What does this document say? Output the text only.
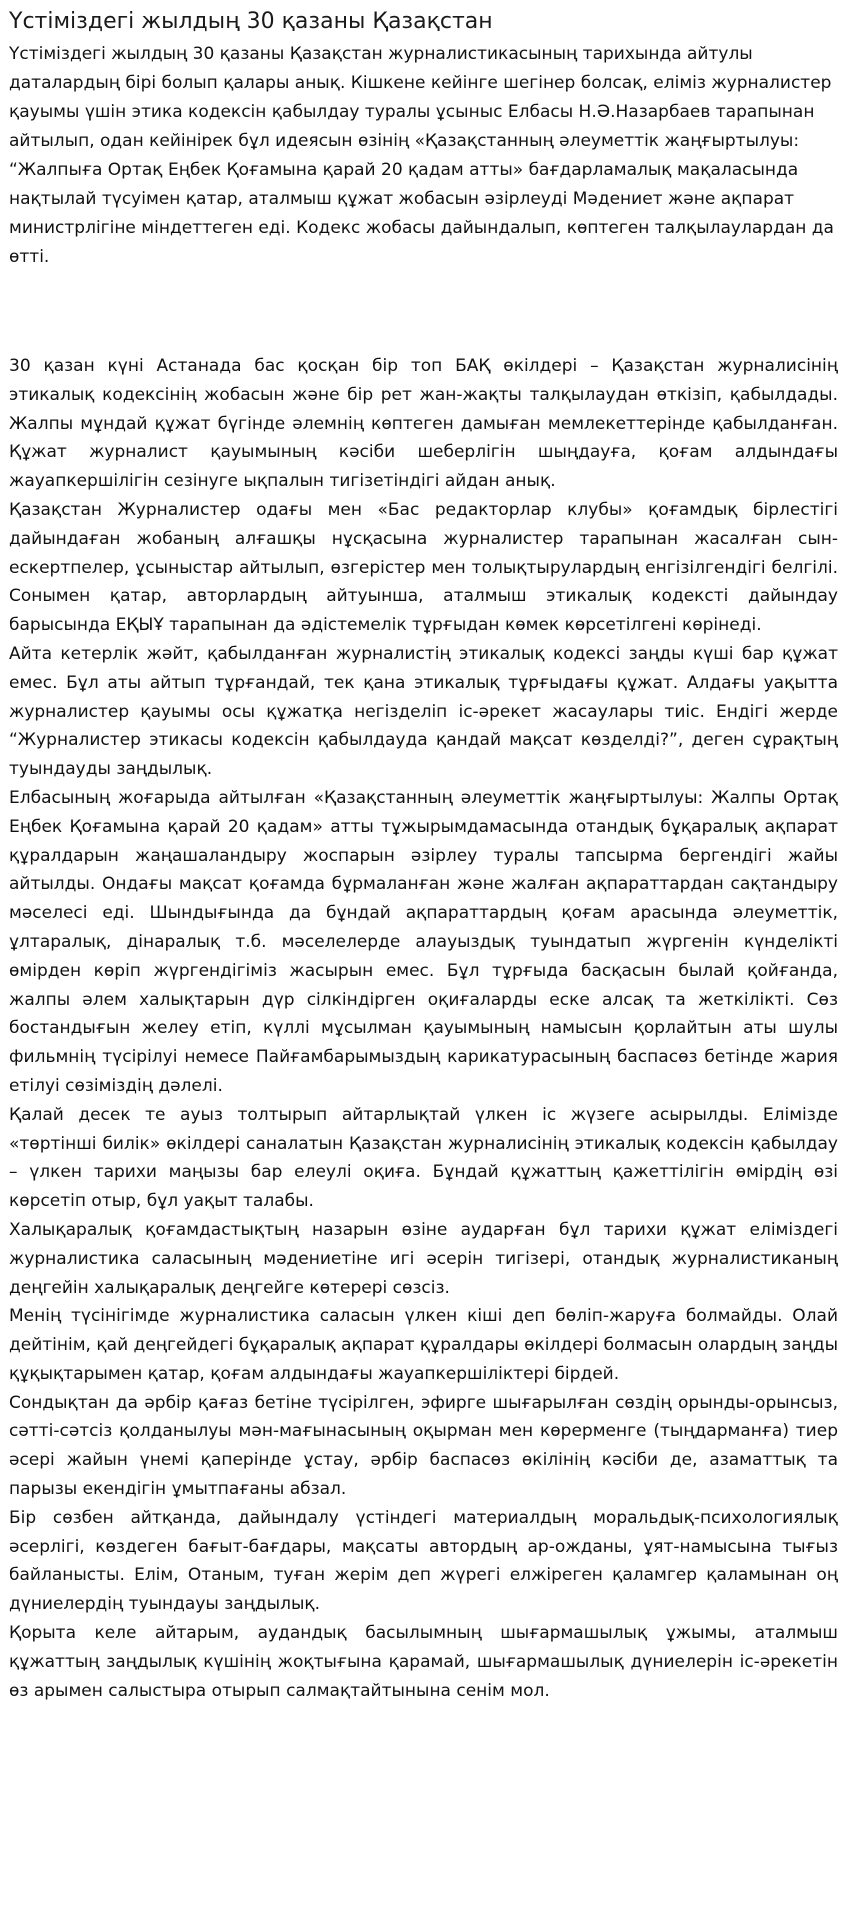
Үстіміздегі жылдың 30 қазаны Қазақстан

Үстіміздегі жылдың 30 қазаны Қазақстан журналистикасының тарихында айтулы даталардың бірі болып қалары анық. Кішкене кейінге шегінер болсақ, еліміз журналистер қауымы үшін этика кодексін қабылдау туралы ұсыныс Елбасы Н.Ә.Назарбаев тарапынан айтылып, одан кейінірек бұл идеясын өзінің «Қазақстанның әлеуметтік жаңғыртылуы: “Жалпыға Ортақ Еңбек Қоғамына қарай 20 қадам атты» бағдарламалық мақаласында нақтылай түсуімен қатар, аталмыш құжат жобасын әзірлеуді Мәдениет және ақпарат министрлігіне міндеттеген еді. Кодекс жобасы дайындалып, көптеген талқылаулардан да өтті.

30 қазан күні Астанада бас қосқан бір топ БАҚ өкілдері – Қазақстан журналисінің этикалық кодексінің жобасын және бір рет жан-жақты талқылаудан өткізіп, қабылдады. Жалпы мұндай құжат бүгінде әлемнің көптеген дамыған мемлекеттерінде қабылданған. Құжат журналист қауымының кәсіби шеберлігін шыңдауға, қоғам алдындағы жауапкершілігін сезінуге ықпалын тигізетіндігі айдан анық.

Қазақстан Журналистер одағы мен «Бас редакторлар клубы» қоғамдық бірлестігі дайындаған жобаның алғашқы нұсқасына журналистер тарапынан жасалған сын-ескертпелер, ұсыныстар айтылып, өзгерістер мен толықтырулардың енгізілгендігі белгілі. Сонымен қатар, авторлардың айтуынша, аталмыш этикалық кодексті дайындау барысында ЕҚЫҰ тарапынан да әдістемелік тұрғыдан көмек көрсетілгені көрінеді.

Айта кетерлік жәйт, қабылданған журналистің этикалық кодексі заңды күші бар құжат емес. Бұл аты айтып тұрғандай, тек қана этикалық тұрғыдағы құжат. Алдағы уақытта журналистер қауымы осы құжатқа негізделіп іс-әрекет жасаулары тиіс. Ендігі жерде “Журналистер этикасы кодексін қабылдауда қандай мақсат көзделді?”, деген сұрақтың туындауды заңдылық.

Елбасының жоғарыда айтылған «Қазақстанның әлеуметтік жаңғыртылуы: Жалпы Ортақ Еңбек Қоғамына қарай 20 қадам» атты тұжырымдамасында отандық бұқаралық ақпарат құралдарын жаңашаландыру жоспарын әзірлеу туралы тапсырма бергендігі жайы айтылды. Ондағы мақсат қоғамда бұрмаланған және жалған ақпараттардан сақтандыру мәселесі еді. Шындығында да бұндай ақпараттардың қоғам арасында әлеуметтік, ұлтаралық, дінаралық т.б. мәселелерде алауыздық туындатып жүргенін күнделікті өмірден көріп жүргендігіміз жасырын емес. Бұл тұрғыда басқасын былай қойғанда, жалпы әлем халықтарын дүр сілкіндірген оқиғаларды еске алсақ та жеткілікті. Сөз бостандығын желеу етіп, күллі мұсылман қауымының намысын қорлайтын аты шулы фильмнің түсірілуі немесе Пайғамбарымыздың карикатурасының баспасөз бетінде жария етілуі сөзіміздің дәлелі.

Қалай десек те ауыз толтырып айтарлықтай үлкен іс жүзеге асырылды. Елімізде «төртінші билік» өкілдері саналатын Қазақстан журналисінің этикалық кодексін қабылдау – үлкен тарихи маңызы бар елеулі оқиға. Бұндай құжаттың қажеттілігін өмірдің өзі көрсетіп отыр, бұл уақыт талабы.

Халықаралық қоғамдастықтың назарын өзіне аударған бұл тарихи құжат еліміздегі журналистика саласының мәдениетіне игі әсерін тигізері, отандық журналистиканың деңгейін халықаралық деңгейге көтерері сөзсіз.

Менің түсінігімде журналистика саласын үлкен кіші деп бөліп-жаруға болмайды. Олай дейтінім, қай деңгейдегі бұқаралық ақпарат құралдары өкілдері болмасын олардың заңды құқықтарымен қатар, қоғам алдындағы жауапкершіліктері бірдей.

Сондықтан да әрбір қағаз бетіне түсірілген, эфирге шығарылған сөздің орынды-орынсыз, сәтті-сәтсіз қолданылуы мән-мағынасының оқырман мен көрерменге (тыңдарманға) тиер әсері жайын үнемі қаперінде ұстау, әрбір баспасөз өкілінің кәсіби де, азаматтық та парызы екендігін ұмытпағаны абзал.

Бір сөзбен айтқанда, дайындалу үстіндегі материалдың моральдық-психологиялық әсерлігі, көздеген бағыт-бағдары, мақсаты автордың ар-ожданы, ұят-намысына тығыз байланысты. Елім, Отаным, туған жерім деп жүрегі елжіреген қаламгер қаламынан оң дүниелердің туындауы заңдылық.

Қорыта келе айтарым, аудандық басылымның шығармашылық ұжымы, аталмыш құжаттың заңдылық күшінің жоқтығына қарамай, шығармашылық дүниелерін іс-әрекетін өз арымен салыстыра отырып салмақтайтынына сенім мол.
